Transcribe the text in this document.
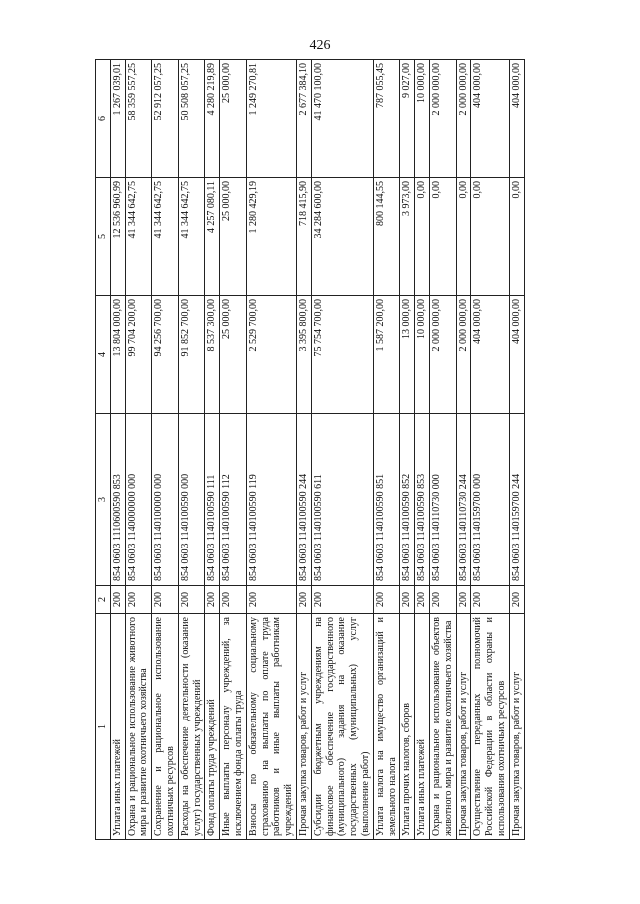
426
1	2	3	4	5	6
Уплата иных платежей	200	854 0603 1110600590 853	13 804 000,00	12 536 960,99	1 267 039,01
Охрана и рациональное использование животного мира и развитие охотничьего хозяйства	200	854 0603 1140000000 000	99 704 200,00	41 344 642,75	58 359 557,25
Сохранение и рациональное использование охотничьих ресурсов	200	854 0603 1140100000 000	94 256 700,00	41 344 642,75	52 912 057,25
Расходы на обеспечение деятельности (оказание услуг) государственных учреждений	200	854 0603 1140100590 000	91 852 700,00	41 344 642,75	50 508 057,25
Фонд оплаты труда учреждений	200	854 0603 1140100590 111	8 537 300,00	4 257 080,11	4 280 219,89
Иные выплаты персоналу учреждений, за исключением фонда оплаты труда	200	854 0603 1140100590 112	25 000,00	25 000,00	25 000,00
Взносы по обязательному социальному страхованию на выплаты по оплате труда работников и иные выплаты работникам учреждений	200	854 0603 1140100590 119	2 529 700,00	1 280 429,19	1 249 270,81
Прочая закупка товаров, работ и услуг	200	854 0603 1140100590 244	3 395 800,00	718 415,90	2 677 384,10
Субсидии бюджетным учреждениям на финансовое обеспечение государственного (муниципального) задания на оказание государственных (муниципальных) услуг (выполнение работ)	200	854 0603 1140100590 611	75 754 700,00	34 284 600,00	41 470 100,00
Уплата налога на имущество организаций и земельного налога	200	854 0603 1140100590 851	1 587 200,00	800 144,55	787 055,45
Уплата прочих налогов, сборов	200	854 0603 1140100590 852	13 000,00	3 973,00	9 027,00
Уплата иных платежей	200	854 0603 1140100590 853	10 000,00	0,00	10 000,00
Охрана и рациональное использование объектов животного мира и развитие охотничьего хозяйства	200	854 0603 1140110730 000	2 000 000,00	0,00	2 000 000,00
Прочая закупка товаров, работ и услуг	200	854 0603 1140110730 244	2 000 000,00	0,00	2 000 000,00
Осуществление переданных полномочий Российской Федерации в области охраны и использования охотничьих ресурсов	200	854 0603 1140159700 000	404 000,00	0,00	404 000,00
Прочая закупка товаров, работ и услуг	200	854 0603 1140159700 244	404 000,00	0,00	404 000,00
